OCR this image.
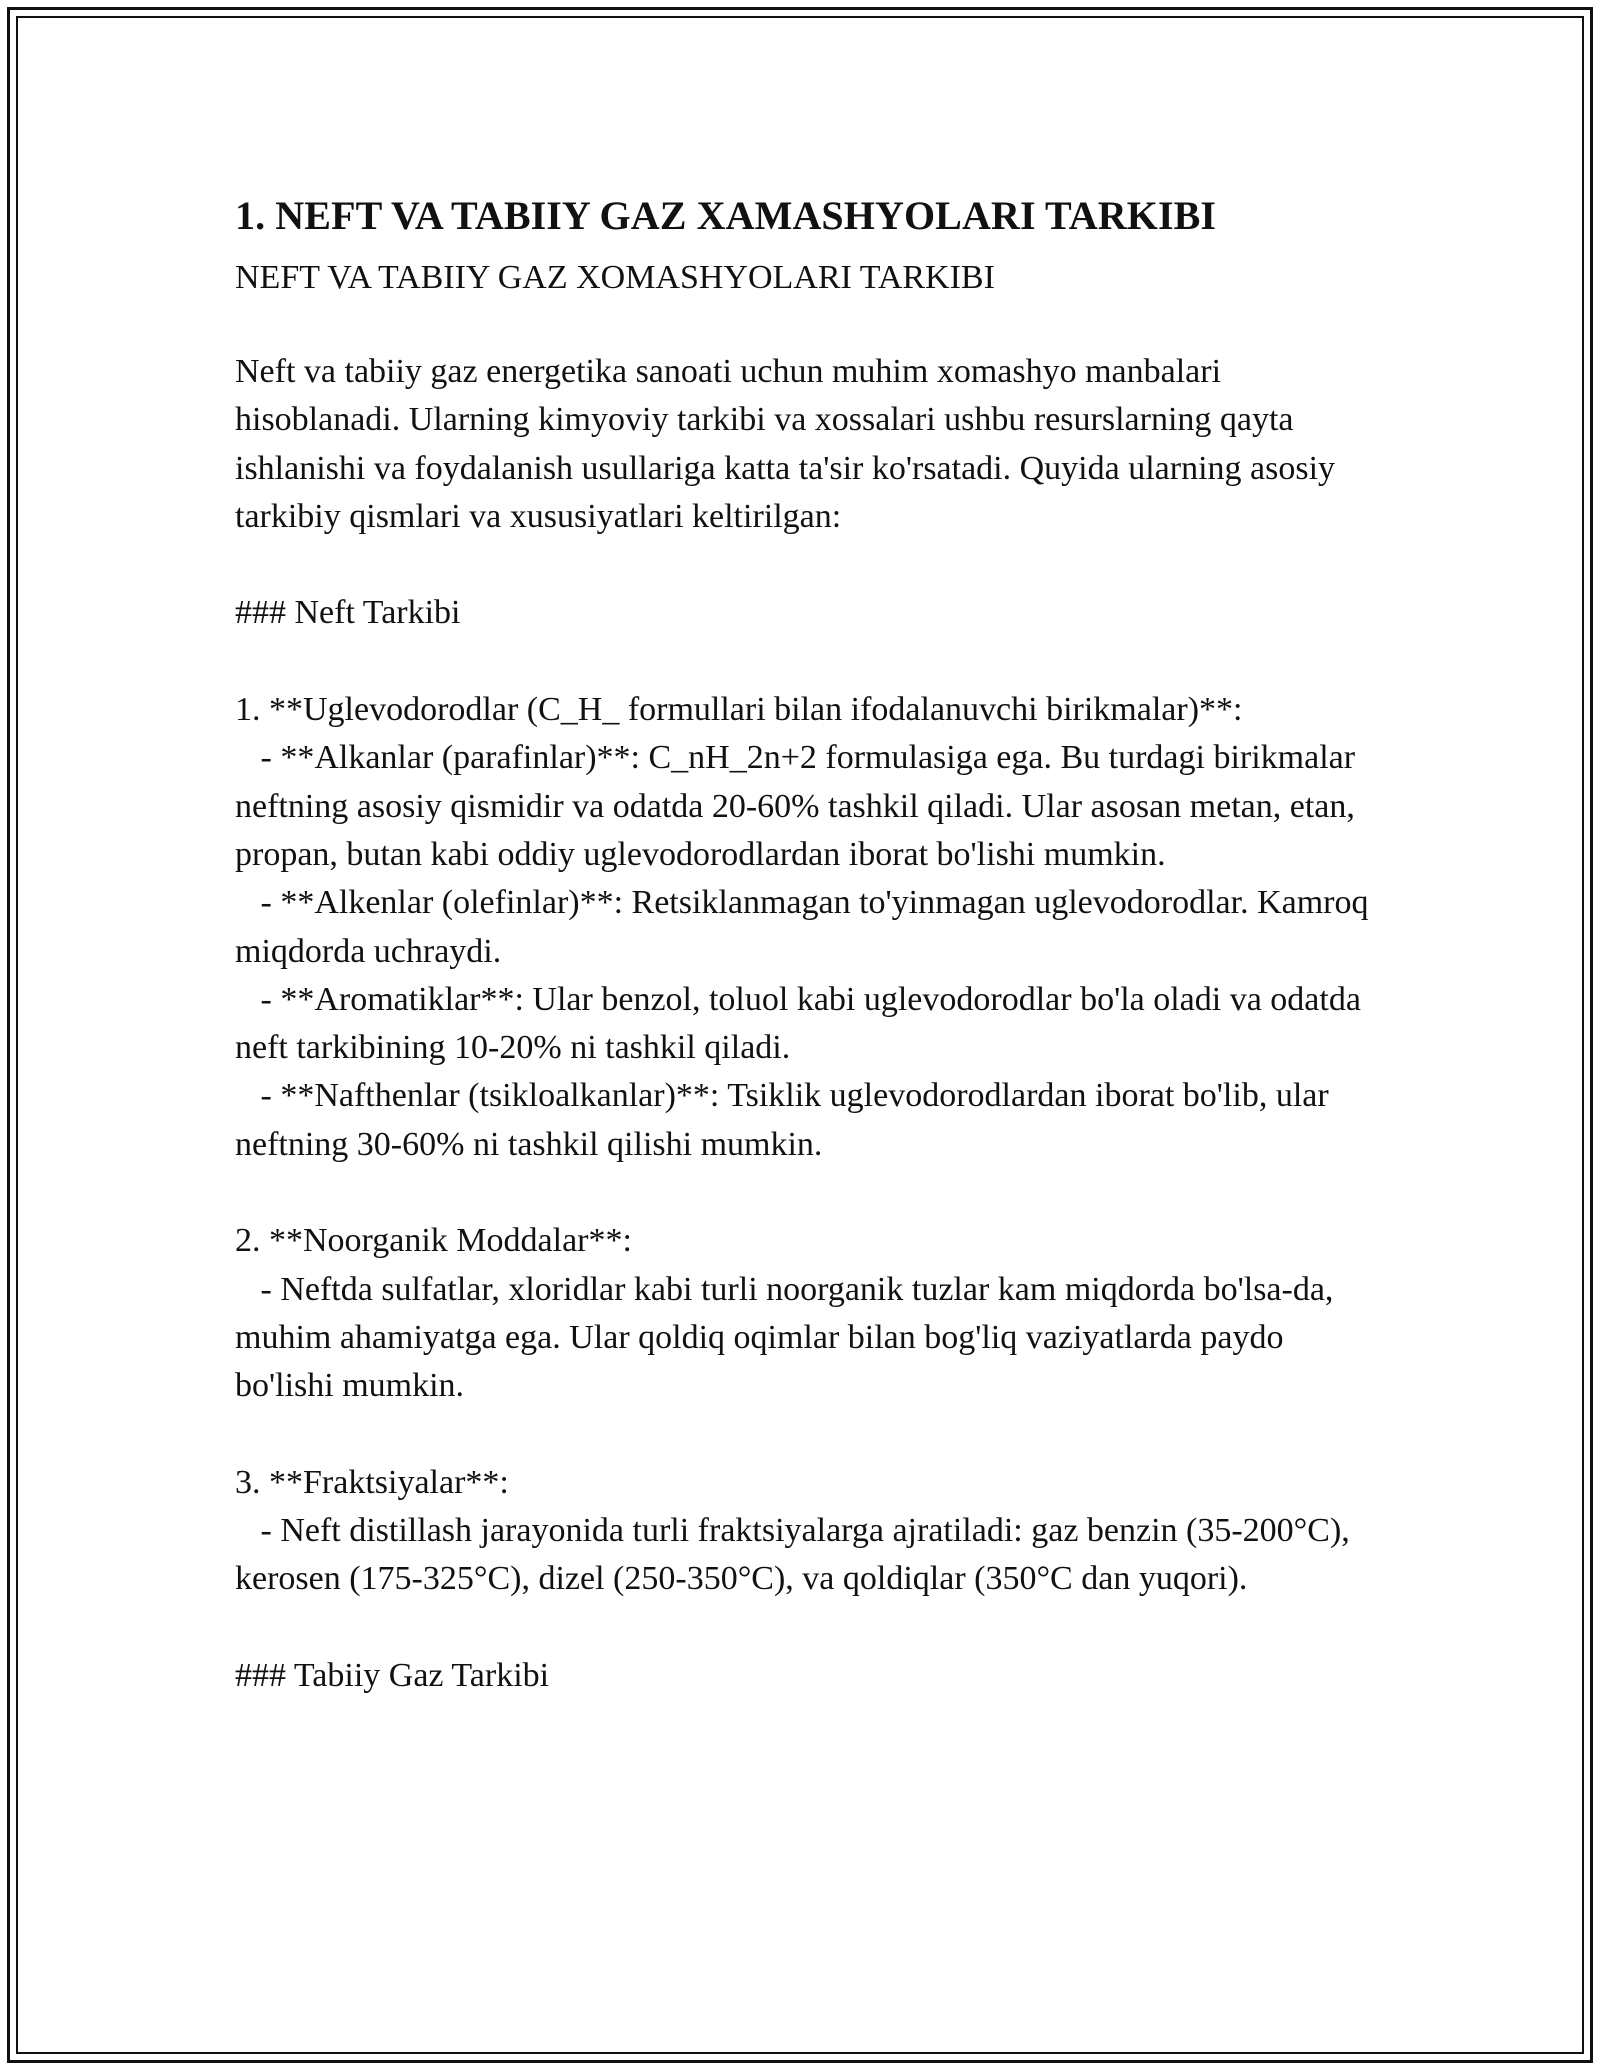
1. NEFT VA TABIIY GAZ XAMASHYOLARI TARKIBI

NEFT VA TABIIY GAZ XOMASHYOLARI TARKIBI

Neft va tabiiy gaz energetika sanoati uchun muhim xomashyo manbalari hisoblanadi. Ularning kimyoviy tarkibi va xossalari ushbu resurslarning qayta ishlanishi va foydalanish usullariga katta ta'sir ko'rsatadi. Quyida ularning asosiy tarkibiy qismlari va xususiyatlari keltirilgan:

### Neft Tarkibi

1. **Uglevodorodlar (C_H_ formullari bilan ifodalanuvchi birikmalar)**:

- **Alkanlar (parafinlar)**: C_nH_2n+2 formulasiga ega. Bu turdagi birikmalar neftning asosiy qismidir va odatda 20-60% tashkil qiladi. Ular asosan metan, etan, propan, butan kabi oddiy uglevodorodlardan iborat bo'lishi mumkin.

- **Alkenlar (olefinlar)**: Retsiklanmagan to'yinmagan uglevodorodlar. Kamroq miqdorda uchraydi.

- **Aromatiklar**: Ular benzol, toluol kabi uglevodorodlar bo'la oladi va odatda neft tarkibining 10-20% ni tashkil qiladi.

- **Nafthenlar (tsikloalkanlar)**: Tsiklik uglevodorodlardan iborat bo'lib, ular neftning 30-60% ni tashkil qilishi mumkin.

2. **Noorganik Moddalar**:

- Neftda sulfatlar, xloridlar kabi turli noorganik tuzlar kam miqdorda bo'lsa-da, muhim ahamiyatga ega. Ular qoldiq oqimlar bilan bog'liq vaziyatlarda paydo bo'lishi mumkin.

3. **Fraktsiyalar**:

- Neft distillash jarayonida turli fraktsiyalarga ajratiladi: gaz benzin (35-200°C), kerosen (175-325°C), dizel (250-350°C), va qoldiqlar (350°C dan yuqori).

### Tabiiy Gaz Tarkibi
